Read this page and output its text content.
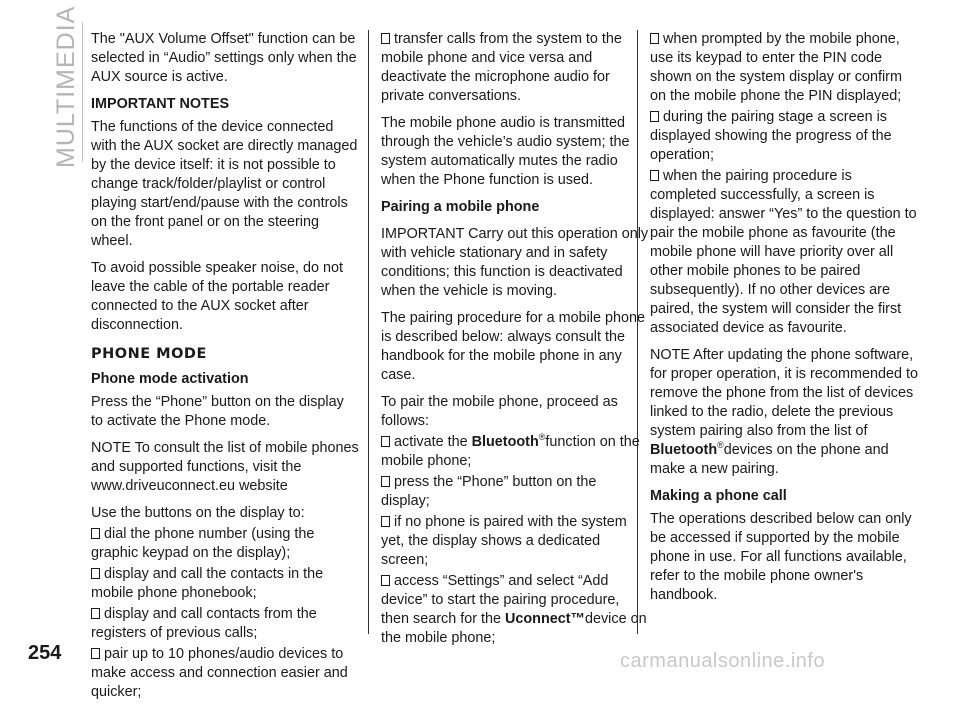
MULTIMEDIA The "AUX Volume Offset" function can be selected in “Audio” settings only when the AUX source is active.

IMPORTANT NOTES

The functions of the device connected with the AUX socket are directly managed by the device itself: it is not possible to change track/folder/playlist or control playing start/end/pause with the controls on the front panel or on the steering wheel.

To avoid possible speaker noise, do not leave the cable of the portable reader connected to the AUX socket after disconnection.

PHONE MODE
Phone mode activation

Press the “Phone” button on the display to activate the Phone mode.

NOTE To consult the list of mobile phones and supported functions, visit the www.driveuconnect.eu website

Use the buttons on the display to:
dial the phone number (using the graphic keypad on the display);
display and call the contacts in the mobile phone phonebook;
display and call contacts from the registers of previous calls;
pair up to 10 phones/audio devices to make access and connection easier and quicker;

transfer calls from the system to the mobile phone and vice versa and deactivate the microphone audio for private conversations.

The mobile phone audio is transmitted through the vehicle’s audio system; the system automatically mutes the radio when the Phone function is used.

Pairing a mobile phone

IMPORTANT Carry out this operation only with vehicle stationary and in safety conditions; this function is deactivated when the vehicle is moving.

The pairing procedure for a mobile phone is described below: always consult the handbook for the mobile phone in any case.

To pair the mobile phone, proceed as follows:
activate the Bluetooth®function on the mobile phone;
press the “Phone” button on the display;
if no phone is paired with the system yet, the display shows a dedicated screen;
access “Settings” and select “Add device” to start the pairing procedure, then search for the Uconnect™device on the mobile phone;
when prompted by the mobile phone, use its keypad to enter the PIN code shown on the system display or confirm on the mobile phone the PIN displayed;
during the pairing stage a screen is displayed showing the progress of the operation;

when the pairing procedure is completed successfully, a screen is displayed: answer “Yes” to the question to pair the mobile phone as favourite (the mobile phone will have priority over all other mobile phones to be paired subsequently). If no other devices are paired, the system will consider the first associated device as favourite.

NOTE After updating the phone software, for proper operation, it is recommended to remove the phone from the list of devices linked to the radio, delete the previous system pairing also from the list of Bluetooth®devices on the phone and make a new pairing.

Making a phone call

The operations described below can only be accessed if supported by the mobile phone in use. For all functions available, refer to the mobile phone owner's handbook.

254	carmanualsonline.info
